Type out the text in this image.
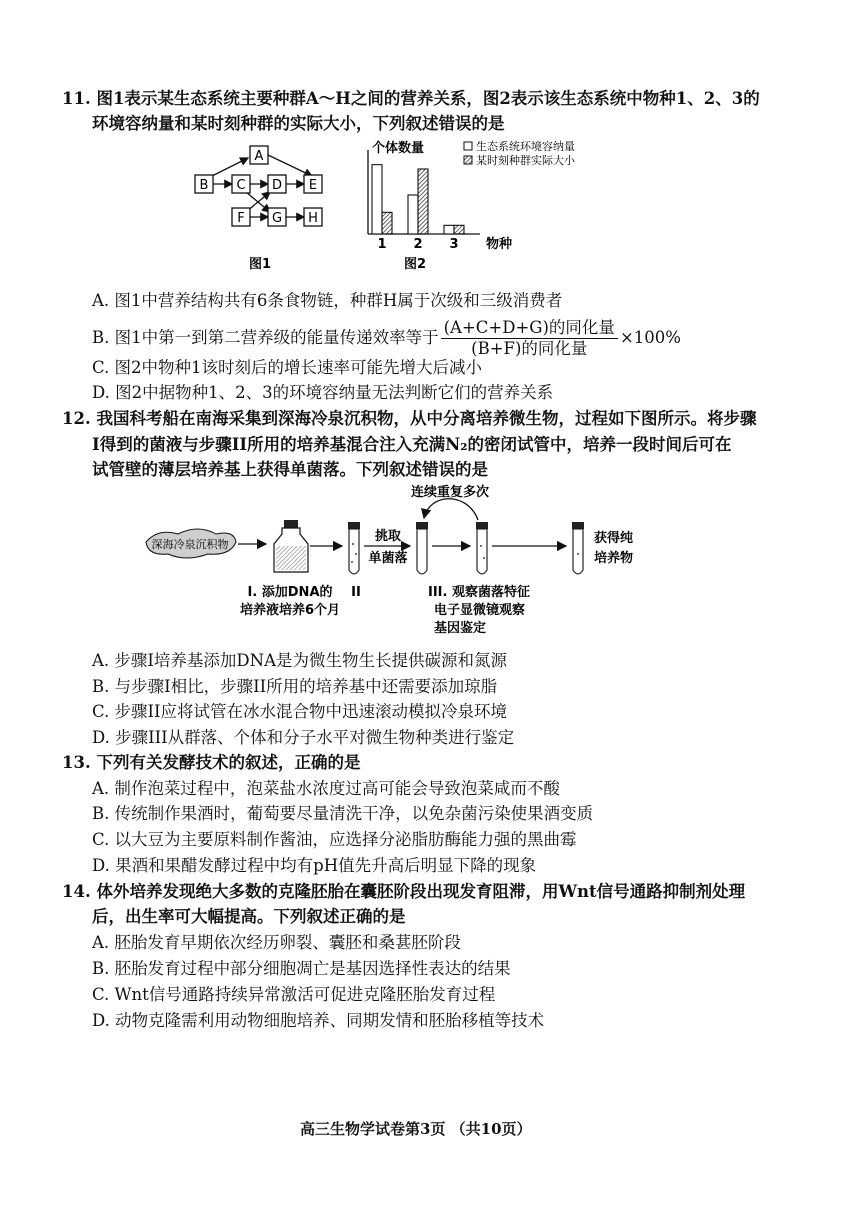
11. 图1表示某生态系统主要种群A～H之间的营养关系，图2表示该生态系统中物种1、2、3的
环境容纳量和某时刻种群的实际大小，下列叙述错误的是
A
B C D E
F G H
图1
个体数量
物种
生态系统环境容纳量
某时刻种群实际大小
1 2 3
图2
A. 图1中营养结构共有6条食物链，种群H属于次级和三级消费者
B. 图1中第一到第二营养级的能量传递效率等于 $\frac{\text{(A+C+D+G)的同化量}}{\text{(B+F)的同化量}} \times 100\%$
C. 图2中物种1该时刻后的增长速率可能先增大后减小
D. 图2中据物种1、2、3的环境容纳量无法判断它们的营养关系
12. 我国科考船在南海采集到深海冷泉沉积物，从中分离培养微生物，过程如下图所示。将步骤
I得到的菌液与步骤II所用的培养基混合注入充满N₂的密闭试管中，培养一段时间后可在
试管壁的薄层培养基上获得单菌落。下列叙述错误的是
深海冷泉沉积物
挑取
单菌落
连续重复多次
获得纯
培养物
I. 添加DNA的
培养液培养6个月
II	III. 观察菌落特征
电子显微镜观察
基因鉴定
A. 步骤I培养基添加DNA是为微生物生长提供碳源和氮源
B. 与步骤I相比，步骤II所用的培养基中还需要添加琼脂
C. 步骤II应将试管在冰水混合物中迅速滚动模拟冷泉环境
D. 步骤III从群落、个体和分子水平对微生物种类进行鉴定
13. 下列有关发酵技术的叙述，正确的是
A. 制作泡菜过程中，泡菜盐水浓度过高可能会导致泡菜咸而不酸
B. 传统制作果酒时，葡萄要尽量清洗干净，以免杂菌污染使果酒变质
C. 以大豆为主要原料制作酱油，应选择分泌脂肪酶能力强的黑曲霉
D. 果酒和果醋发酵过程中均有pH值先升高后明显下降的现象
14. 体外培养发现绝大多数的克隆胚胎在囊胚阶段出现发育阻滞，用Wnt信号通路抑制剂处理
后，出生率可大幅提高。下列叙述正确的是
A. 胚胎发育早期依次经历卵裂、囊胚和桑葚胚阶段
B. 胚胎发育过程中部分细胞凋亡是基因选择性表达的结果
C. Wnt信号通路持续异常激活可促进克隆胚胎发育过程
D. 动物克隆需利用动物细胞培养、同期发情和胚胎移植等技术
高三生物学试卷第3页 （共10页）
